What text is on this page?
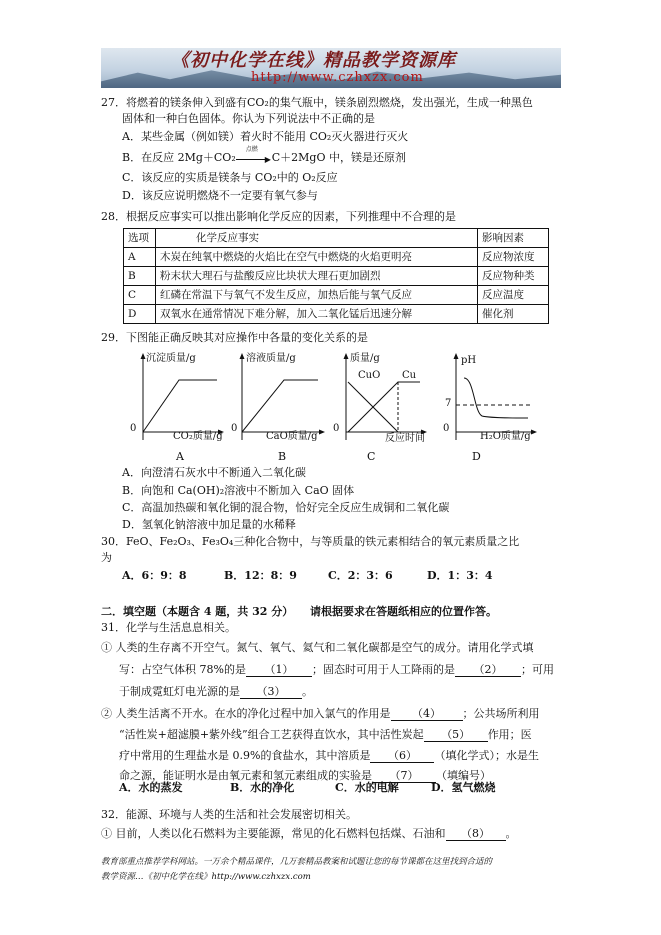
《初中化学在线》精品教学资源库
http://www.czhxzx.com
27．将燃着的镁条伸入到盛有CO₂的集气瓶中，镁条剧烈燃烧，发出强光，生成一种黑色
固体和一种白色固体。你认为下列说法中不正确的是
A．某些金属（例如镁）着火时不能用 CO₂灭火器进行灭火
B．在反应 2Mg＋CO₂
点燃
▶ C＋2MgO 中，镁是还原剂
C．该反应的实质是镁条与 CO₂中的 O₂反应
D．该反应说明燃烧不一定要有氧气参与
28．根据反应事实可以推出影响化学反应的因素，下列推理中不合理的是
选项	化学反应事实	影响因素
A	木炭在纯氧中燃烧的火焰比在空气中燃烧的火焰更明亮	反应物浓度
B	粉末状大理石与盐酸反应比块状大理石更加剧烈	反应物种类
C	红磷在常温下与氧气不发生反应，加热后能与氧气反应	反应温度
D	双氧水在通常情况下难分解，加入二氧化锰后迅速分解	催化剂
29．下图能正确反映其对应操作中各量的变化关系的是
沉淀质量/g
0
CO₂质量/g
A
溶液质量/g
0
CaO质量/g
B
质量/g
CuO Cu
0
反应时间
C
pH
7
0
H₂O质量/g
D
A．向澄清石灰水中不断通入二氧化碳
B．向饱和 Ca(OH)₂溶液中不断加入 CaO 固体
C．高温加热碳和氧化铜的混合物，恰好完全反应生成铜和二氧化碳
D．氢氧化钠溶液中加足量的水稀释
30．FeO、Fe₂O₃、Fe₃O₄三种化合物中，与等质量的铁元素相结合的氧元素质量之比
为
A．6：9：8	B．12：8：9	C．2：3：6	D．1：3：4
二．填空题（本题含 4 题，共 32 分） 请根据要求在答题纸相应的位置作答。
31．化学与生活息息相关。
① 人类的生存离不开空气。氮气、氧气、氦气和二氧化碳都是空气的成分。请用化学式填
写：占空气体积 78%的是 （1） ；固态时可用于人工降雨的是 （2） ；可用
于制成霓虹灯电光源的是 （3） 。
② 人类生活离不开水。在水的净化过程中加入氯气的作用是 （4） ；公共场所利用
“活性炭+超滤膜+紫外线”组合工艺获得直饮水，其中活性炭起 （5） 作用；医
疗中常用的生理盐水是 0.9%的食盐水，其中溶质是 （6） （填化学式）；水是生
命之源，能证明水是由氧元素和氢元素组成的实验是 （7） （填编号）
A．水的蒸发	B．水的净化	C．水的电解	D．氢气燃烧
32．能源、环境与人类的生活和社会发展密切相关。
① 目前，人类以化石燃料为主要能源，常见的化石燃料包括煤、石油和 （8） 。
教育部重点推荐学科网站。一万余个精品课件，几万套精品教案和试题让您的每节课都在这里找到合适的
教学资源…《初中化学在线》http://www.czhxzx.com
